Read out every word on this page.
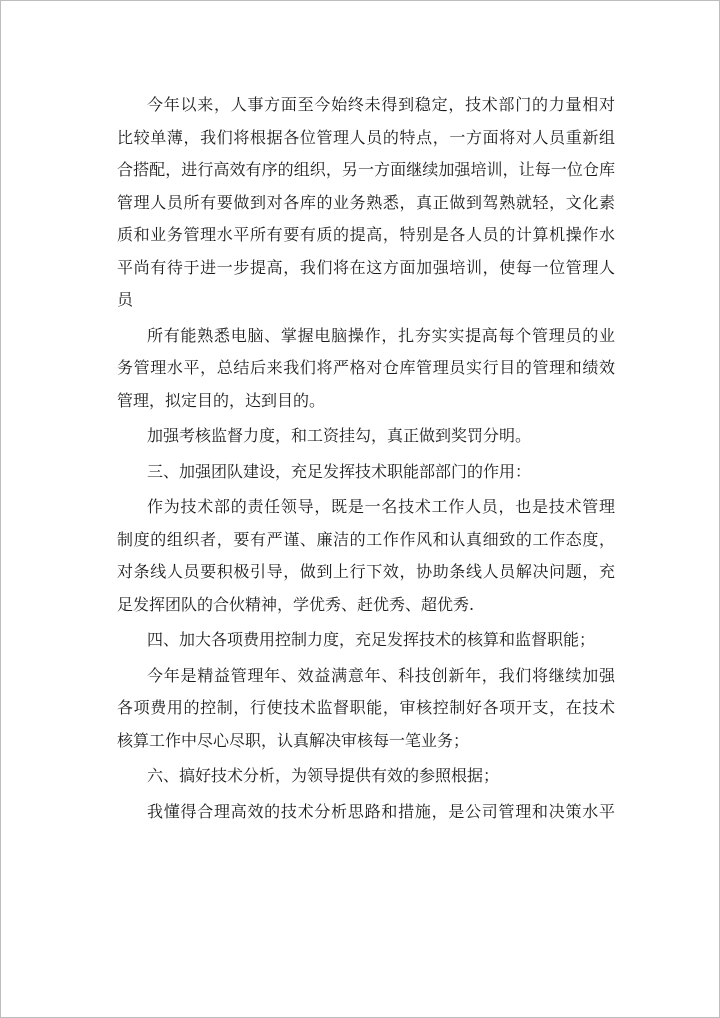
今年以来，人事方面至今始终未得到稳定，技术部门的力量相对
比较单薄，我们将根据各位管理人员的特点，一方面将对人员重新组
合搭配，进行高效有序的组织，另一方面继续加强培训，让每一位仓库
管理人员所有要做到对各库的业务熟悉，真正做到驾熟就轻，文化素
质和业务管理水平所有要有质的提高，特别是各人员的计算机操作水
平尚有待于进一步提高，我们将在这方面加强培训，使每一位管理人
员
所有能熟悉电脑、掌握电脑操作，扎夯实实提高每个管理员的业
务管理水平，总结后来我们将严格对仓库管理员实行目的管理和绩效
管理，拟定目的，达到目的。
加强考核监督力度，和工资挂勾，真正做到奖罚分明。
三、加强团队建设，充足发挥技术职能部部门的作用：
作为技术部的责任领导，既是一名技术工作人员，也是技术管理
制度的组织者，要有严谨、廉洁的工作作风和认真细致的工作态度，
对条线人员要积极引导，做到上行下效，协助条线人员解决问题，充
足发挥团队的合伙精神，学优秀、赶优秀、超优秀.
四、加大各项费用控制力度，充足发挥技术的核算和监督职能；
今年是精益管理年、效益满意年、科技创新年，我们将继续加强
各项费用的控制，行使技术监督职能，审核控制好各项开支，在技术
核算工作中尽心尽职，认真解决审核每一笔业务；
六、搞好技术分析，为领导提供有效的参照根据；
我懂得合理高效的技术分析思路和措施，是公司管理和决策水平
